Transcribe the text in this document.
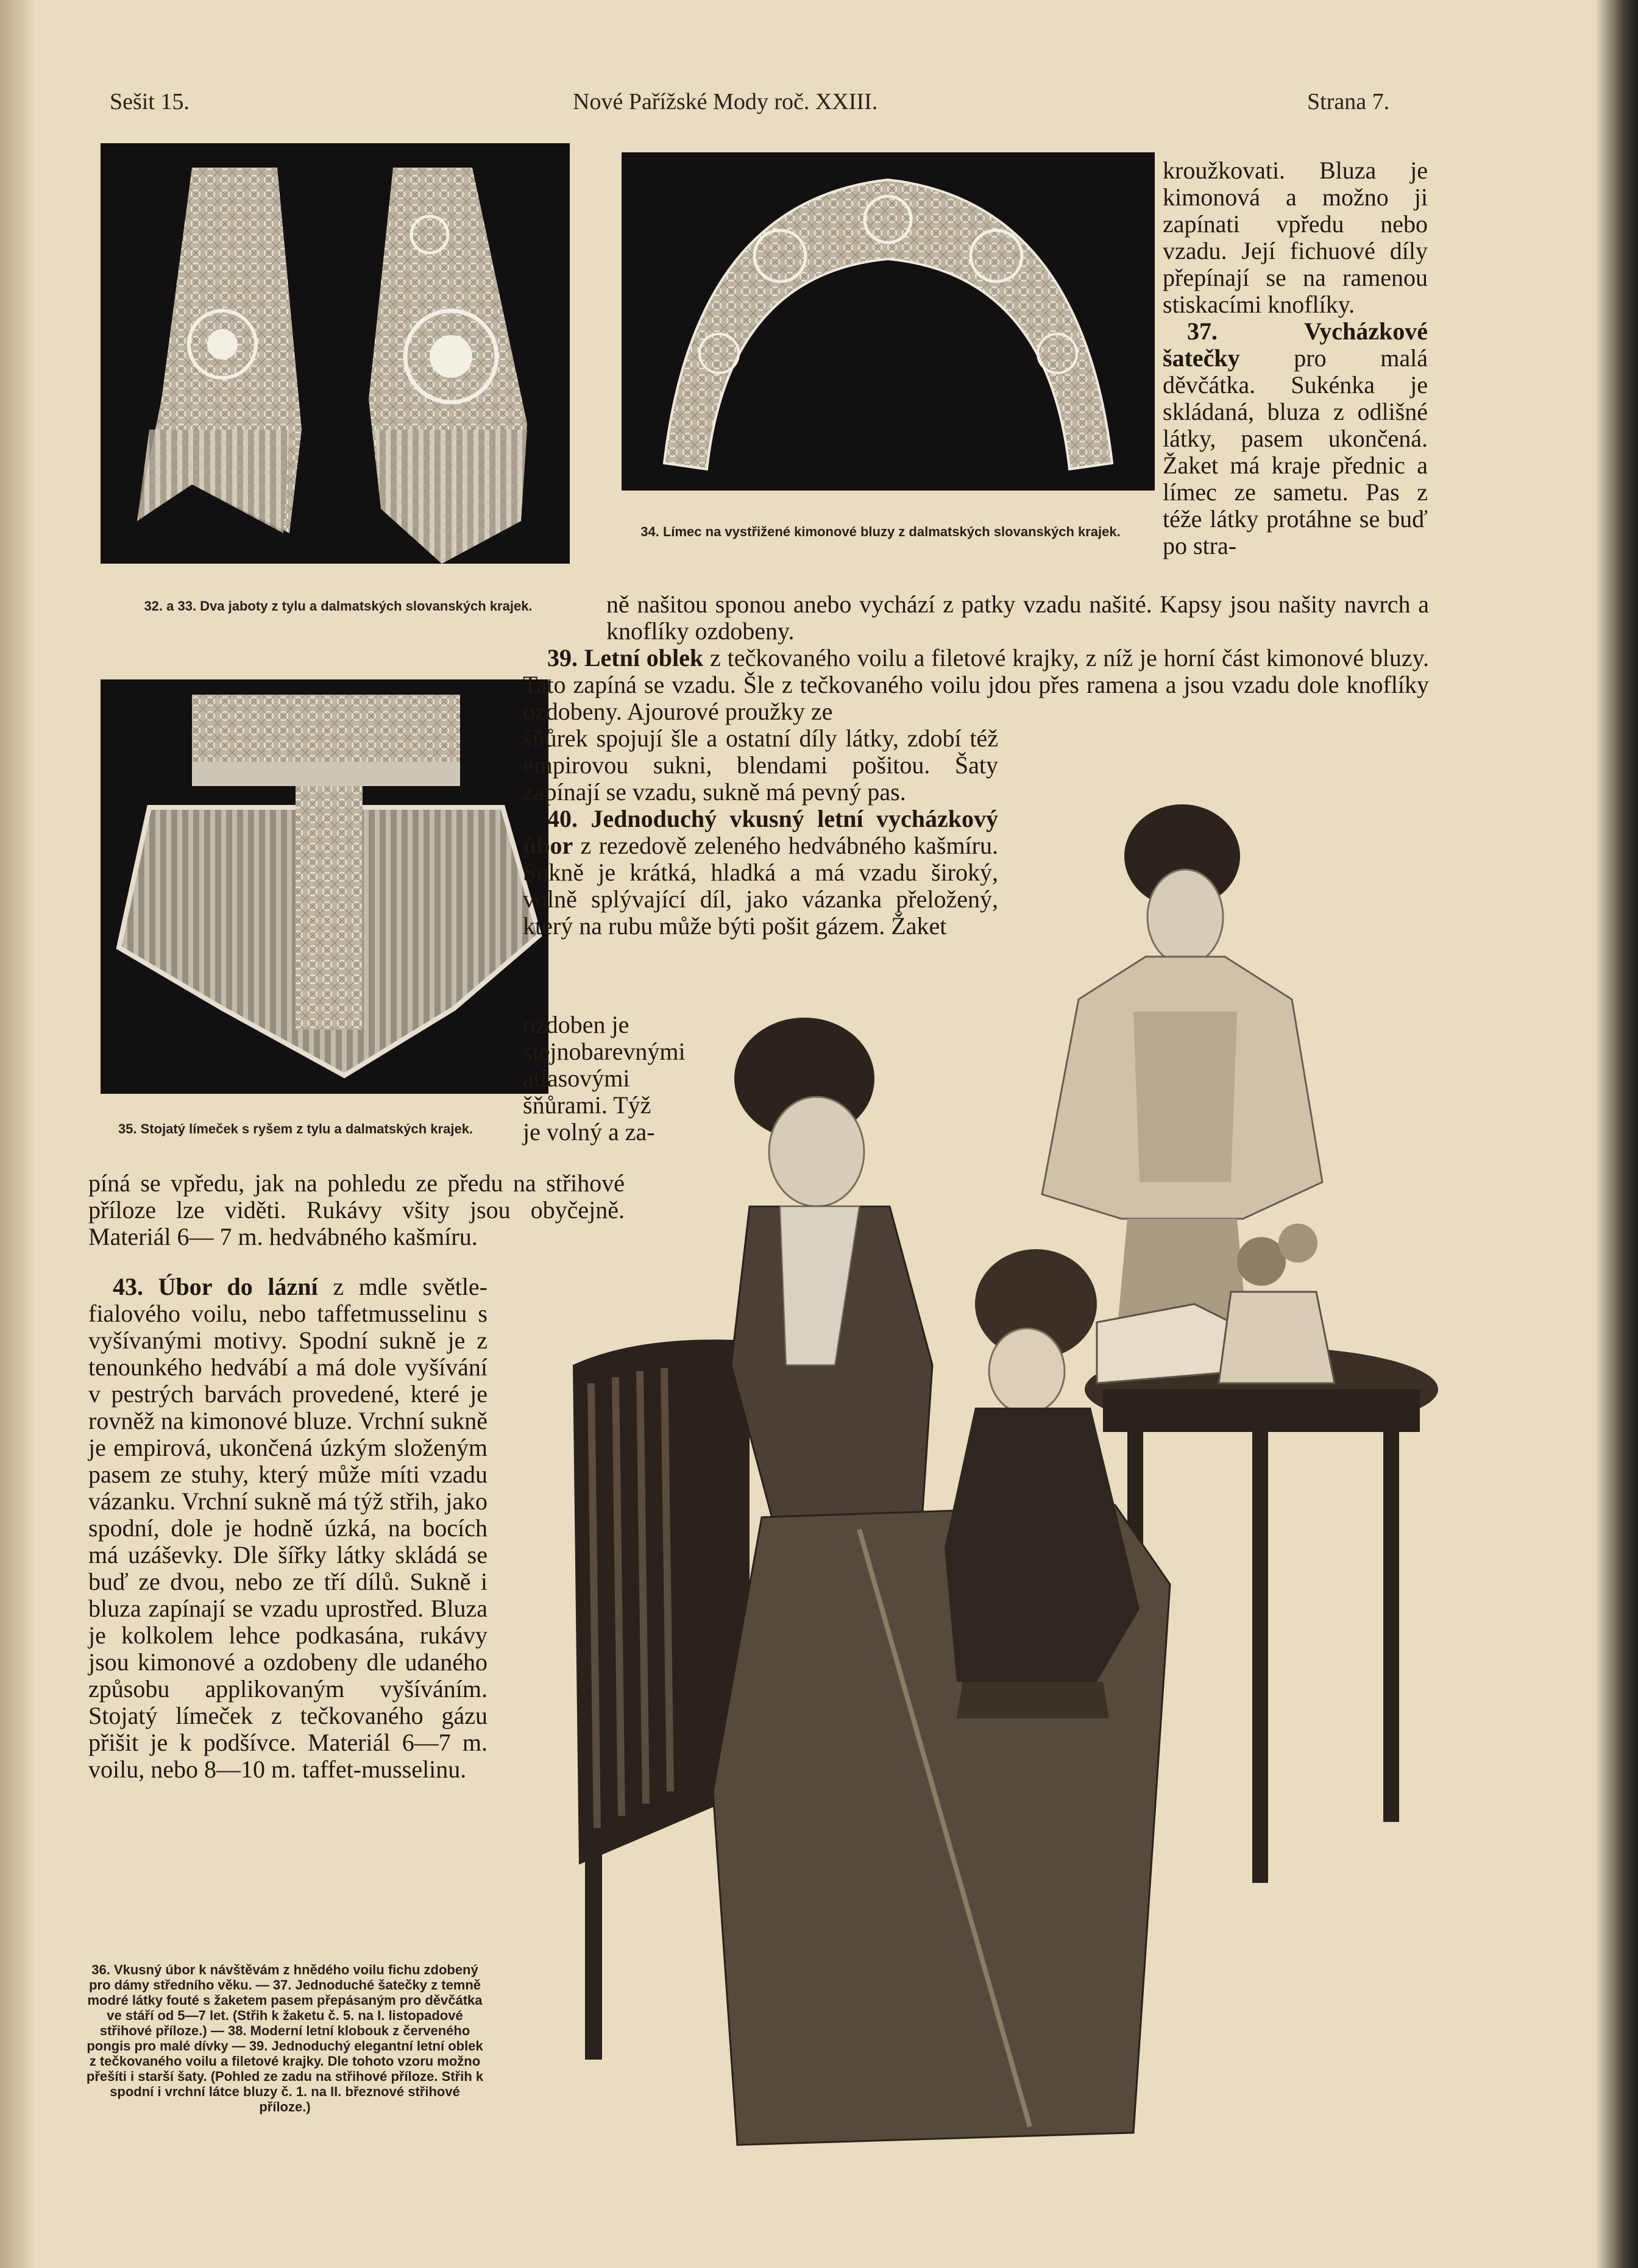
Sešit 15.	Nové Pařížské Mody roč. XXIII.	Strana 7.
32. a 33. Dva jaboty z tylu a dalmatských slovanských krajek.
34. Límec na vystřižené kimonové bluzy z dalmatských slovanských krajek.

kroužkovati. Bluza je kimonová a možno ji zapínati vpředu nebo vzadu. Její fichuové díly přepínají se na ramenou stiskacími knoflíky.

37. Vycházkové šatečky pro malá děvčátka. Sukénka je skládaná, bluza z odlišné látky, pasem ukončená. Žaket má kraje přednic a límec ze sametu. Pas z téže látky protáhne se buď po stra-

35. Stojatý límeček s ryšem z tylu a dalmatských krajek.

ně našitou sponou anebo vychází z patky vzadu našité. Kapsy jsou našity navrch a knoflíky ozdobeny.

39. Letní oblek z tečkovaného voilu a filetové krajky, z níž je horní část kimonové bluzy. Tato zapíná se vzadu. Šle z tečkovaného voilu jdou přes ramena a jsou vzadu dole knoflíky ozdobeny. Ajourové proužky ze

šňůrek spojují šle a ostatní díly látky, zdobí též empirovou sukni, blendami pošitou. Šaty zapínají se vzadu, sukně má pevný pas.

40. Jednoduchý vkusný letní vycházkový úbor z rezedově zeleného hedvábného kašmíru. Sukně je krátká, hladká a má vzadu široký, volně splývající díl, jako vázanka přeložený, který na rubu může býti pošit gázem. Žaket

ozdoben je stejnobarevnými atlasovými šňůrami. Týž je volný a za-

píná se vpředu, jak na pohledu ze předu na střihové příloze lze viděti. Rukávy všity jsou obyčejně. Materiál 6— 7 m. hedvábného kašmíru.

43. Úbor do lázní z mdle světle-fialového voilu, nebo taffetmusselinu s vyšívanými motivy. Spodní sukně je z tenounkého hedvábí a má dole vyšívání v pestrých barvách provedené, které je rovněž na kimonové bluze. Vrchní sukně je empirová, ukončená úzkým složeným pasem ze stuhy, který může míti vzadu vázanku. Vrchní sukně má týž střih, jako spodní, dole je hodně úzká, na bocích má uzáševky. Dle šířky látky skládá se buď ze dvou, nebo ze tří dílů. Sukně i bluza zapínají se vzadu uprostřed. Bluza je kolkolem lehce podkasána, rukávy jsou kimonové a ozdobeny dle udaného způsobu applikovaným vyšíváním. Stojatý límeček z tečkovaného gázu přišit je k podšívce. Materiál 6—7 m. voilu, nebo 8—10 m. taffet-musselinu.

36. Vkusný úbor k návštěvám z hnědého voilu fichu zdobený pro dámy středního věku. — 37. Jednoduché šatečky z temně modré látky fouté s žaketem pasem přepásaným pro děvčátka ve stáří od 5—7 let. (Střih k žaketu č. 5. na I. listopadové střihové příloze.) — 38. Moderní letní klobouk z červeného pongis pro malé dívky — 39. Jednoduchý elegantní letní oblek z tečkovaného voilu a filetové krajky. Dle tohoto vzoru možno přešíti i starší šaty. (Pohled ze zadu na střihové příloze. Střih k spodní i vrchní látce bluzy č. 1. na II. březnové střihové příloze.)
